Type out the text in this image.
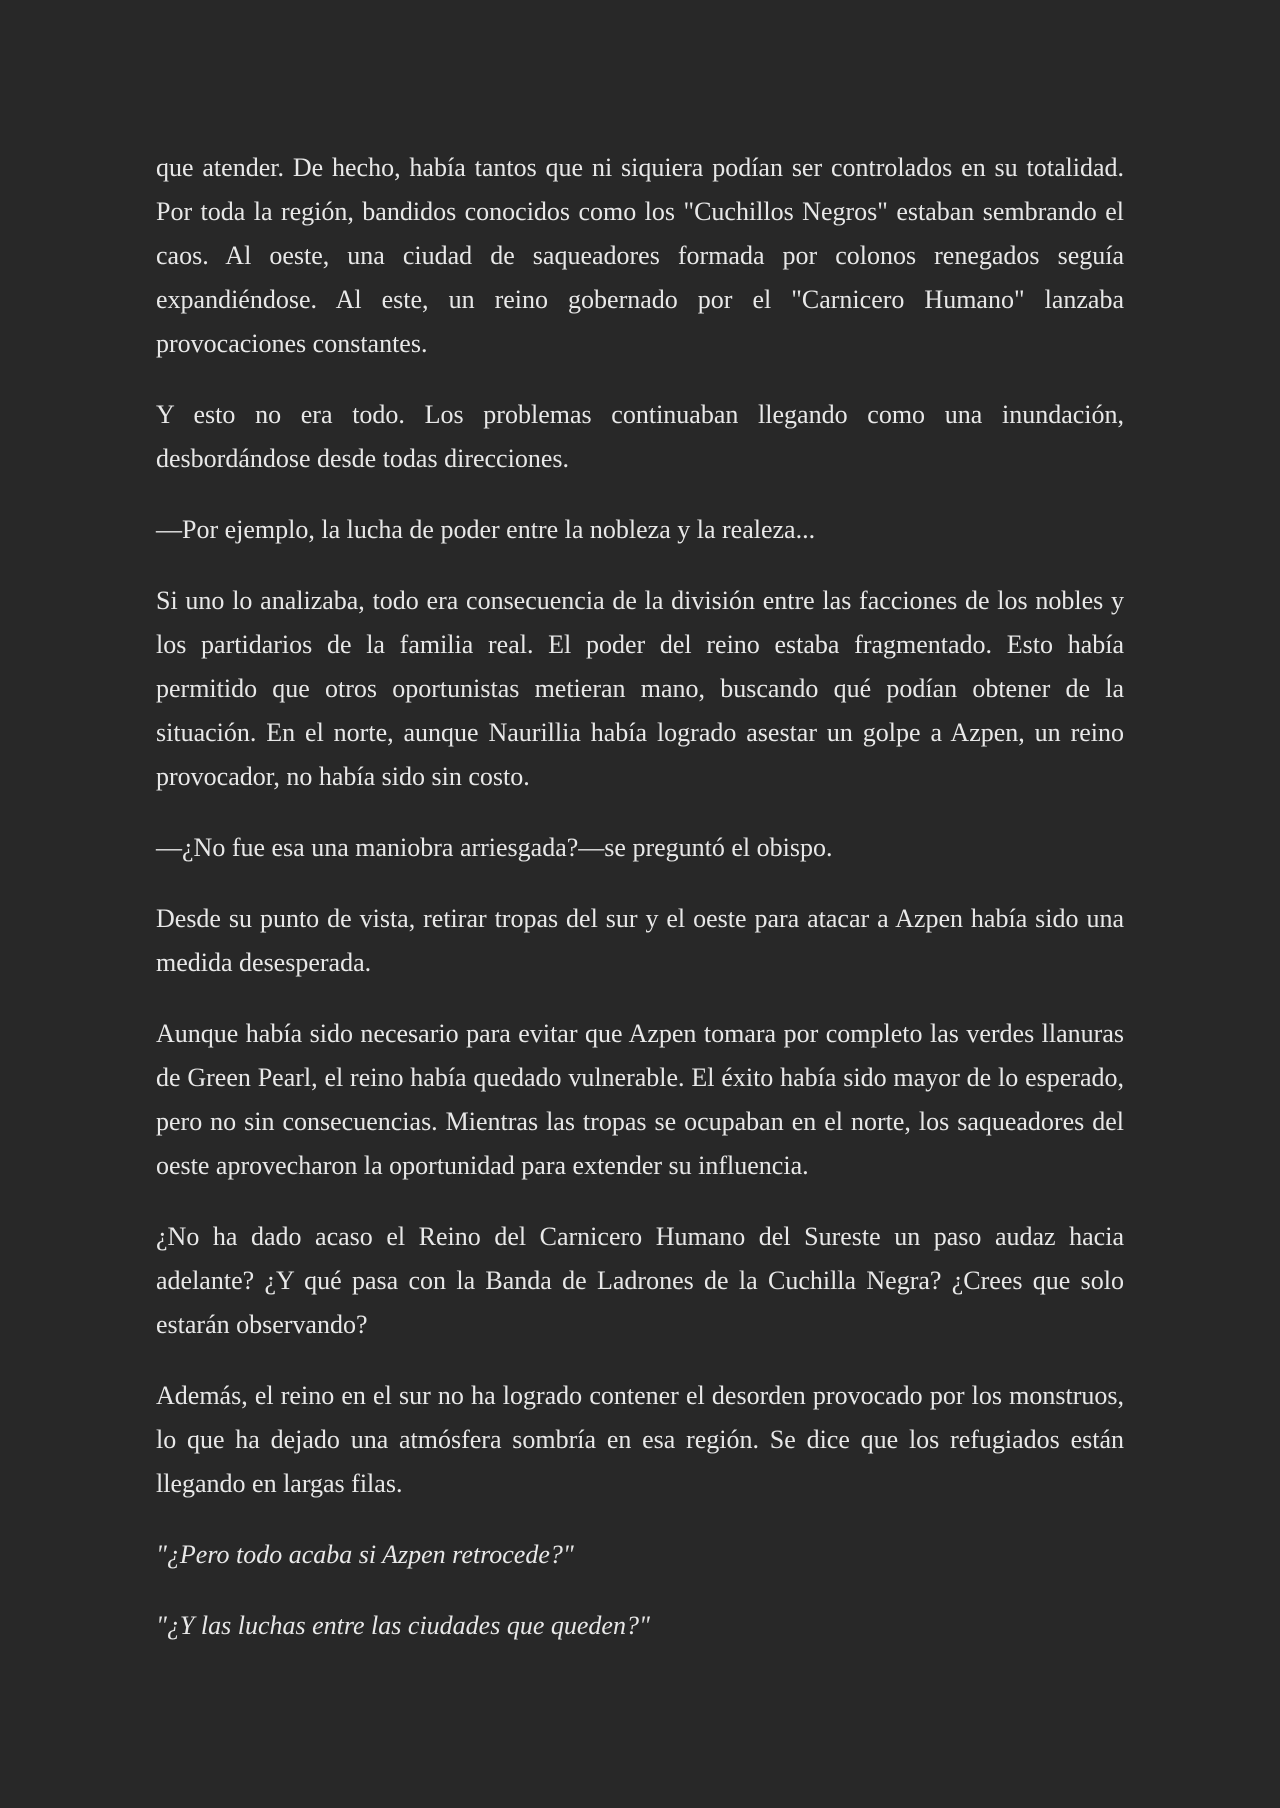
que atender. De hecho, había tantos que ni siquiera podían ser controlados en su totalidad. Por toda la región, bandidos conocidos como los "Cuchillos Negros" estaban sembrando el caos. Al oeste, una ciudad de saqueadores formada por colonos renegados seguía expandiéndose. Al este, un reino gobernado por el "Carnicero Humano" lanzaba provocaciones constantes.

Y esto no era todo. Los problemas continuaban llegando como una inundación, desbordándose desde todas direcciones.

—Por ejemplo, la lucha de poder entre la nobleza y la realeza...

Si uno lo analizaba, todo era consecuencia de la división entre las facciones de los nobles y los partidarios de la familia real. El poder del reino estaba fragmentado. Esto había permitido que otros oportunistas metieran mano, buscando qué podían obtener de la situación. En el norte, aunque Naurillia había logrado asestar un golpe a Azpen, un reino provocador, no había sido sin costo.

—¿No fue esa una maniobra arriesgada?—se preguntó el obispo.

Desde su punto de vista, retirar tropas del sur y el oeste para atacar a Azpen había sido una medida desesperada.

Aunque había sido necesario para evitar que Azpen tomara por completo las verdes llanuras de Green Pearl, el reino había quedado vulnerable. El éxito había sido mayor de lo esperado, pero no sin consecuencias. Mientras las tropas se ocupaban en el norte, los saqueadores del oeste aprovecharon la oportunidad para extender su influencia.

¿No ha dado acaso el Reino del Carnicero Humano del Sureste un paso audaz hacia adelante? ¿Y qué pasa con la Banda de Ladrones de la Cuchilla Negra? ¿Crees que solo estarán observando?

Además, el reino en el sur no ha logrado contener el desorden provocado por los monstruos, lo que ha dejado una atmósfera sombría en esa región. Se dice que los refugiados están llegando en largas filas.

"¿Pero todo acaba si Azpen retrocede?"

"¿Y las luchas entre las ciudades que queden?"
